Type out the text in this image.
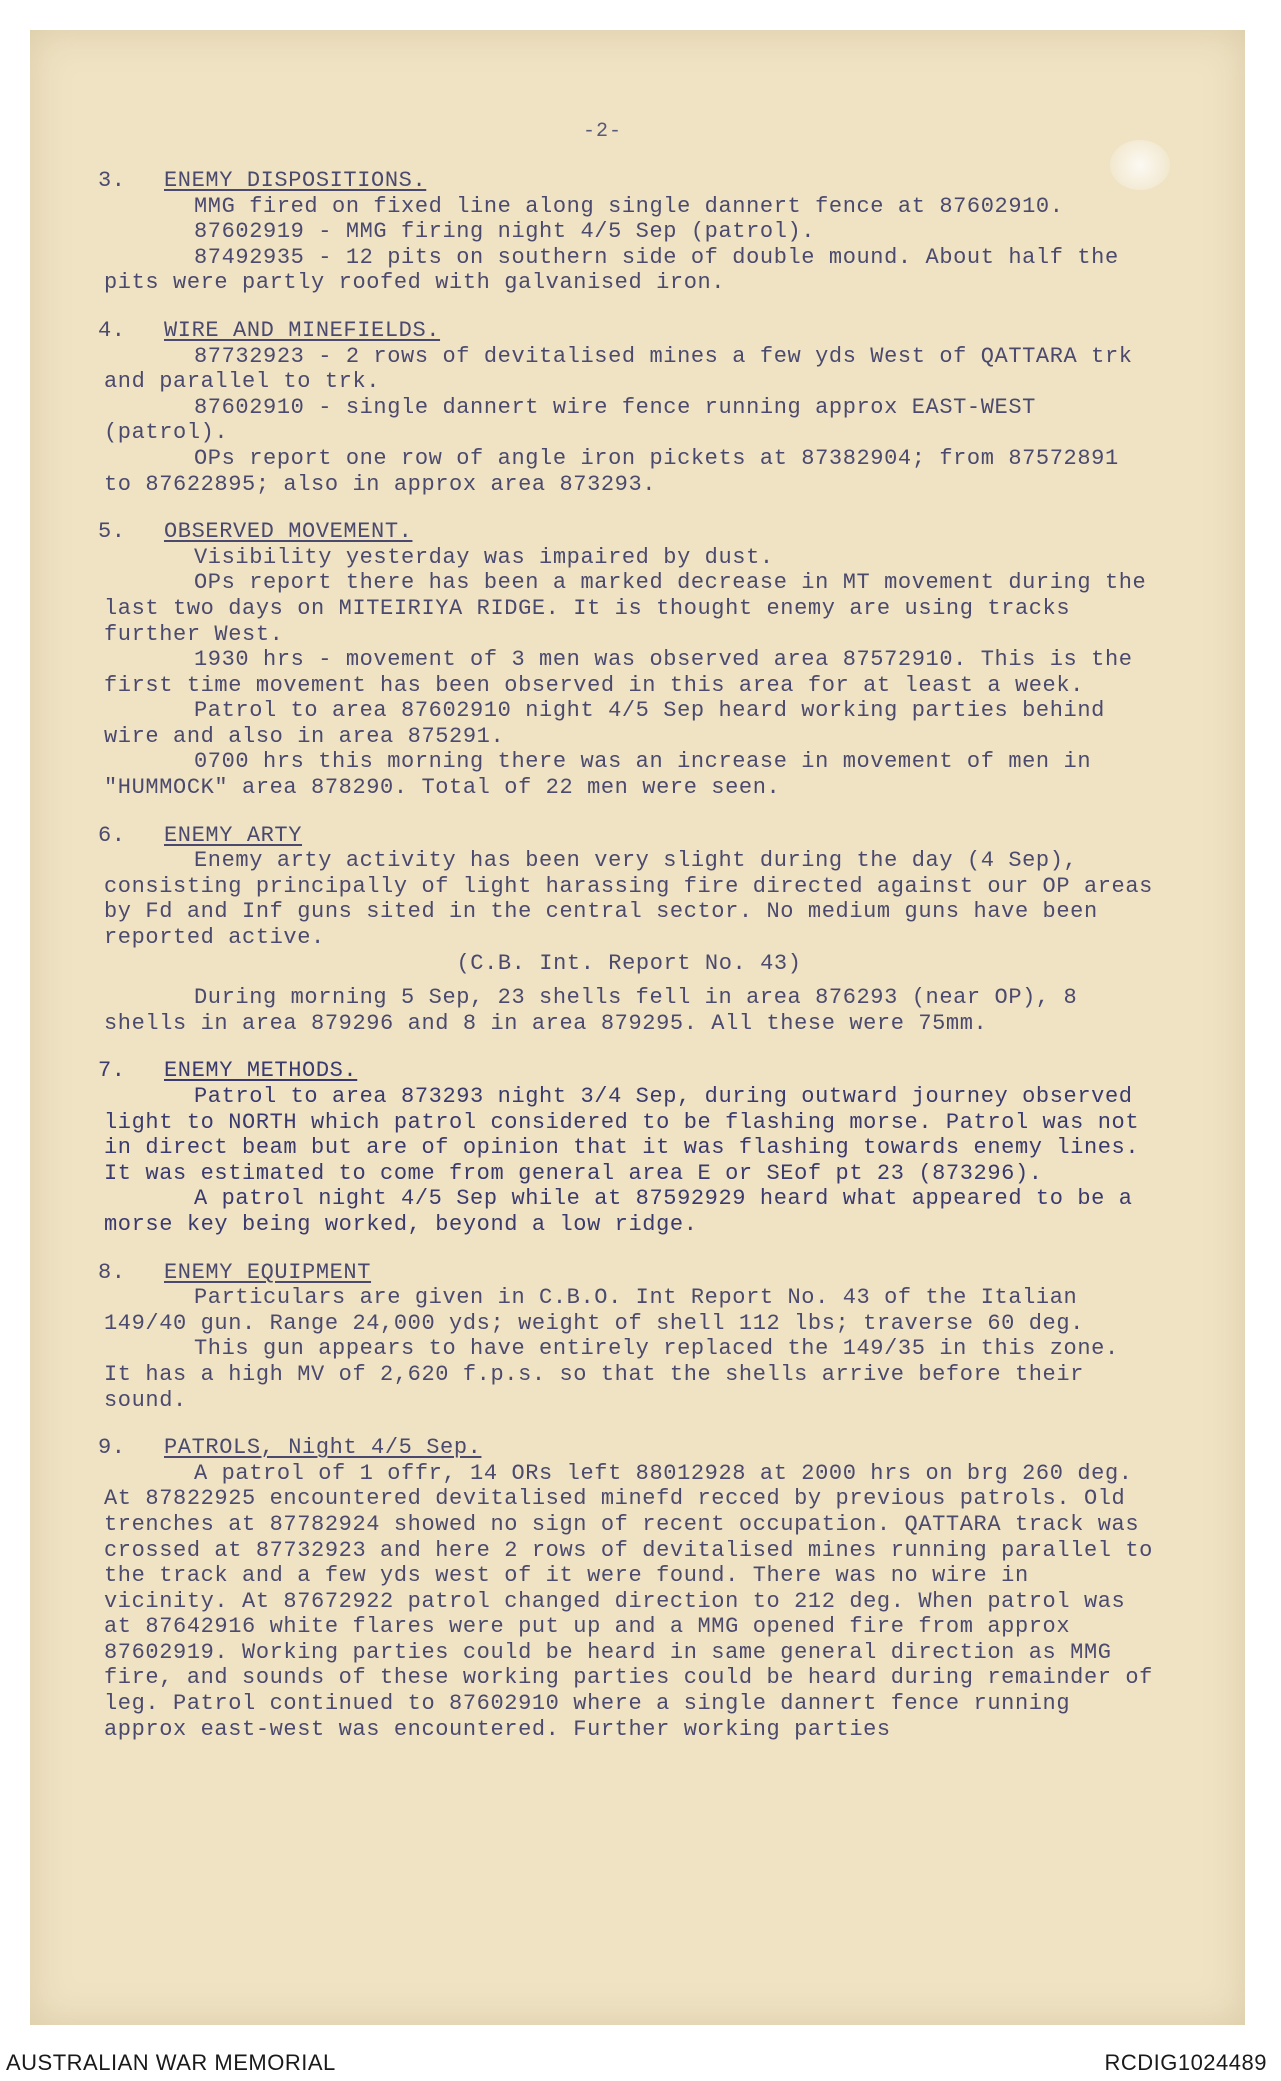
-2-
3. ENEMY DISPOSITIONS.

MMG fired on fixed line along single dannert fence at 87602910.

87602919 - MMG firing night 4/5 Sep (patrol).

87492935 - 12 pits on southern side of double mound. About half the pits were partly roofed with galvanised iron.

4. WIRE AND MINEFIELDS.

87732923 - 2 rows of devitalised mines a few yds West of QATTARA trk and parallel to trk.

87602910 - single dannert wire fence running approx EAST-WEST (patrol).

OPs report one row of angle iron pickets at 87382904; from 87572891 to 87622895; also in approx area 873293.

5. OBSERVED MOVEMENT.

Visibility yesterday was impaired by dust.

OPs report there has been a marked decrease in MT movement during the last two days on MITEIRIYA RIDGE. It is thought enemy are using tracks further West.

1930 hrs - movement of 3 men was observed area 87572910. This is the first time movement has been observed in this area for at least a week.

Patrol to area 87602910 night 4/5 Sep heard working parties behind wire and also in area 875291.

0700 hrs this morning there was an increase in movement of men in "HUMMOCK" area 878290. Total of 22 men were seen.

6. ENEMY ARTY

Enemy arty activity has been very slight during the day (4 Sep), consisting principally of light harassing fire directed against our OP areas by Fd and Inf guns sited in the central sector. No medium guns have been reported active.

(C.B. Int. Report No. 43)

During morning 5 Sep, 23 shells fell in area 876293 (near OP), 8 shells in area 879296 and 8 in area 879295. All these were 75mm.

7. ENEMY METHODS.

Patrol to area 873293 night 3/4 Sep, during outward journey observed light to NORTH which patrol considered to be flashing morse. Patrol was not in direct beam but are of opinion that it was flashing towards enemy lines. It was estimated to come from general area E or SEof pt 23 (873296).

A patrol night 4/5 Sep while at 87592929 heard what appeared to be a morse key being worked, beyond a low ridge.

8. ENEMY EQUIPMENT

Particulars are given in C.B.O. Int Report No. 43 of the Italian 149/40 gun. Range 24,000 yds; weight of shell 112 lbs; traverse 60 deg.

This gun appears to have entirely replaced the 149/35 in this zone. It has a high MV of 2,620 f.p.s. so that the shells arrive before their sound.

9. PATROLS, Night 4/5 Sep.

A patrol of 1 offr, 14 ORs left 88012928 at 2000 hrs on brg 260 deg. At 87822925 encountered devitalised minefd recced by previous patrols. Old trenches at 87782924 showed no sign of recent occupation. QATTARA track was crossed at 87732923 and here 2 rows of devitalised mines running parallel to the track and a few yds west of it were found. There was no wire in vicinity. At 87672922 patrol changed direction to 212 deg. When patrol was at 87642916 white flares were put up and a MMG opened fire from approx 87602919. Working parties could be heard in same general direction as MMG fire, and sounds of these working parties could be heard during remainder of leg. Patrol continued to 87602910 where a single dannert fence running approx east-west was encountered. Further working parties

AUSTRALIAN WAR MEMORIAL	RCDIG1024489
